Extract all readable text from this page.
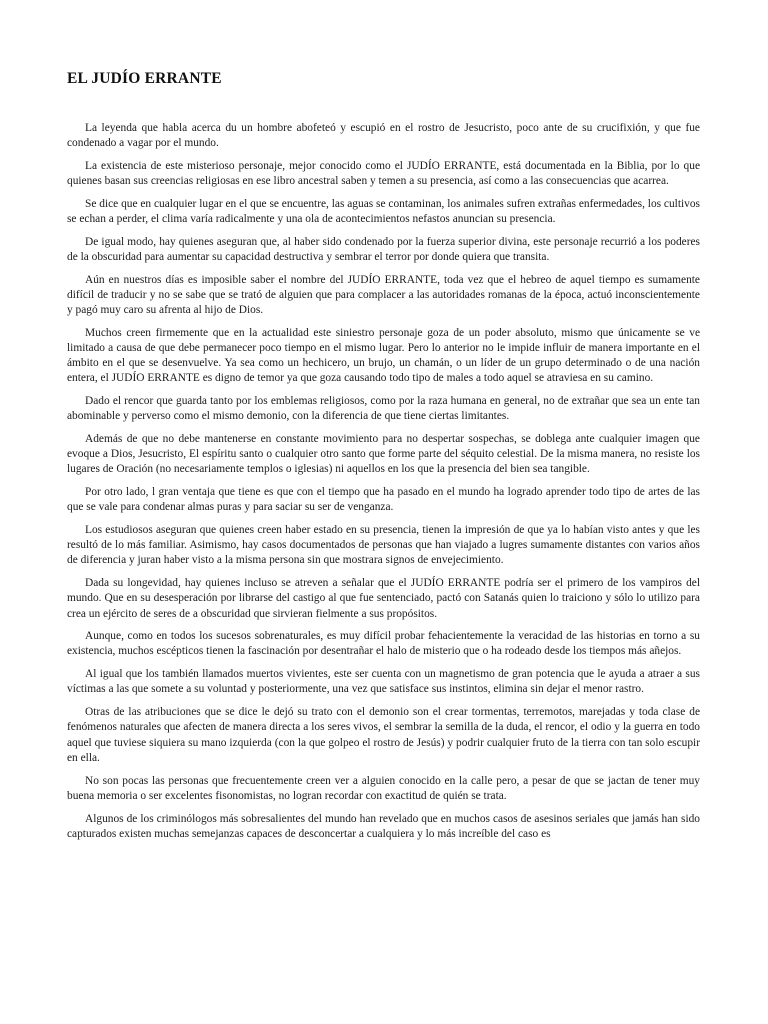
EL JUDÍO ERRANTE

La leyenda que habla acerca du un hombre abofeteó y escupió en el rostro de Jesucristo, poco ante de su crucifixión, y que fue condenado a vagar por el mundo.

La existencia de este misterioso personaje, mejor conocido como el JUDÍO ERRANTE, está documentada en la Biblia, por lo que quienes basan sus creencias religiosas en ese libro ancestral saben y temen a su presencia, así como a las consecuencias que acarrea.

Se dice que en cualquier lugar en el que se encuentre, las aguas se contaminan, los animales sufren extrañas enfermedades, los cultivos se echan a perder, el clima varía radicalmente y una ola de acontecimientos nefastos anuncian su presencia.

De igual modo, hay quienes aseguran que, al haber sido condenado por la fuerza superior divina, este personaje recurrió a los poderes de la obscuridad para aumentar su capacidad destructiva y sembrar el terror por donde quiera que transita.

Aún en nuestros días es imposible saber el nombre del JUDÍO ERRANTE, toda vez que el hebreo de aquel tiempo es sumamente difícil de traducir y no se sabe que se trató de alguien que para complacer a las autoridades romanas de la época, actuó inconscientemente y pagó muy caro su afrenta al hijo de Dios.

Muchos creen firmemente que en la actualidad este siniestro personaje goza de un poder absoluto, mismo que únicamente se ve limitado a causa de que debe permanecer poco tiempo en el mismo lugar. Pero lo anterior no le impide influir de manera importante en el ámbito en el que se desenvuelve. Ya sea como un hechicero, un brujo, un chamán, o un líder de un grupo determinado o de una nación entera, el JUDÍO ERRANTE es digno de temor ya que goza causando todo tipo de males a todo aquel se atraviesa en su camino.

Dado el rencor que guarda tanto por los emblemas religiosos, como por la raza humana en general, no de extrañar que sea un ente tan abominable y perverso como el mismo demonio, con la diferencia de que tiene ciertas limitantes.

Además de que no debe mantenerse en constante movimiento para no despertar sospechas, se doblega ante cualquier imagen que evoque a Dios, Jesucristo, El espíritu santo o cualquier otro santo que forme parte del séquito celestial. De la misma manera, no resiste los lugares de Oración (no necesariamente templos o iglesias) ni aquellos en los que la presencia del bien sea tangible.

Por otro lado, l gran ventaja que tiene es que con el tiempo que ha pasado en el mundo ha logrado aprender todo tipo de artes de las que se vale para condenar almas puras y para saciar su ser de venganza.

Los estudiosos aseguran que quienes creen haber estado en su presencia, tienen la impresión de que ya lo habían visto antes y que les resultó de lo más familiar. Asimismo, hay casos documentados de personas que han viajado a lugres sumamente distantes con varios años de diferencia y juran haber visto a la misma persona sin que mostrara signos de envejecimiento.

Dada su longevidad, hay quienes incluso se atreven a señalar que el JUDÍO ERRANTE podría ser el primero de los vampiros del mundo. Que en su desesperación por librarse del castigo al que fue sentenciado, pactó con Satanás quien lo traiciono y sólo lo utilizo para crea un ejército de seres de a obscuridad que sirvieran fielmente a sus propósitos.

Aunque, como en todos los sucesos sobrenaturales, es muy difícil probar fehacientemente la veracidad de las historias en torno a su existencia, muchos escépticos tienen la fascinación por desentrañar el halo de misterio que o ha rodeado desde los tiempos más añejos.

Al igual que los también llamados muertos vivientes, este ser cuenta con un magnetismo de gran potencia que le ayuda a atraer a sus víctimas a las que somete a su voluntad y posteriormente, una vez que satisface sus instintos, elimina sin dejar el menor rastro.

Otras de las atribuciones que se dice le dejó su trato con el demonio son el crear tormentas, terremotos, marejadas y toda clase de fenómenos naturales que afecten de manera directa a los seres vivos, el sembrar la semilla de la duda, el rencor, el odio y la guerra en todo aquel que tuviese siquiera su mano izquierda (con la que golpeo el rostro de Jesús) y podrir cualquier fruto de la tierra con tan solo escupir en ella.

No son pocas las personas que frecuentemente creen ver a alguien conocido en la calle pero, a pesar de que se jactan de tener muy buena memoria o ser excelentes fisonomistas, no logran recordar con exactitud de quién se trata.

Algunos de los criminólogos más sobresalientes del mundo han revelado que en muchos casos de asesinos seriales que jamás han sido capturados existen muchas semejanzas capaces de desconcertar a cualquiera y lo más increíble del caso es
